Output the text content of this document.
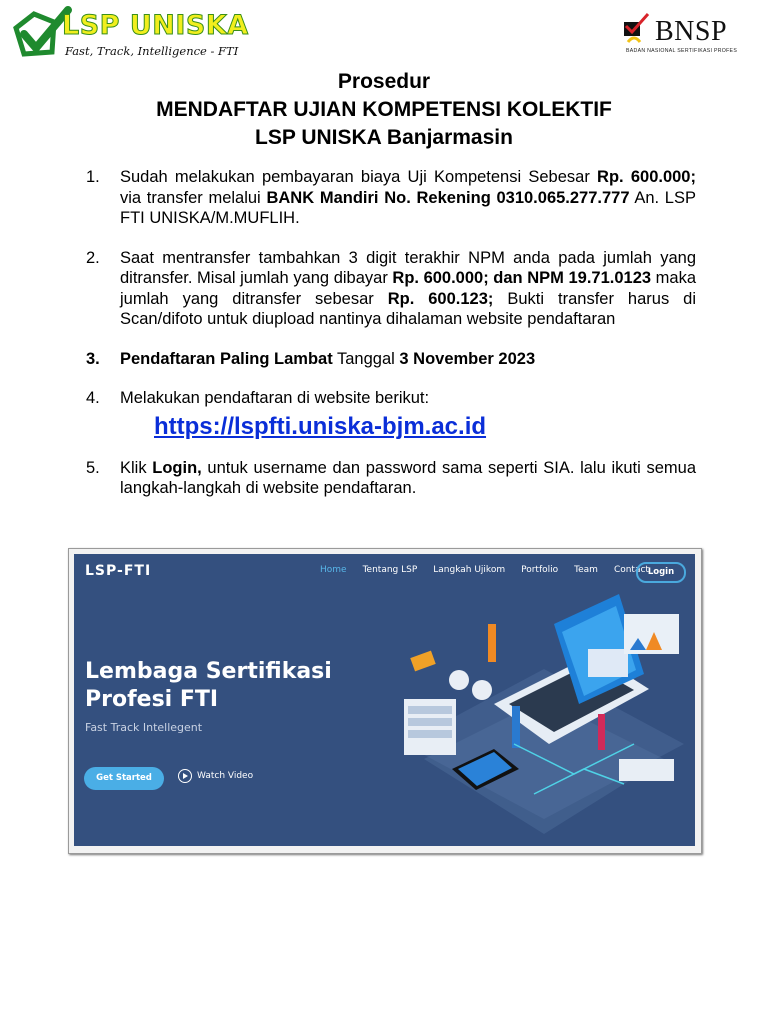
LSP UNISKA
Fast, Track, Intelligence - FTI
BNSP
BADAN NASIONAL SERTIFIKASI PROFES
Prosedur
MENDAFTAR UJIAN KOMPETENSI KOLEKTIF
LSP UNISKA Banjarmasin
1. Sudah melakukan pembayaran biaya Uji Kompetensi Sebesar Rp. 600.000; via transfer melalui BANK Mandiri No. Rekening 0310.065.277.777 An. LSP FTI UNISKA/M.MUFLIH.
2. Saat mentransfer tambahkan 3 digit terakhir NPM anda pada jumlah yang ditransfer. Misal jumlah yang dibayar Rp. 600.000; dan NPM 19.71.0123 maka jumlah yang ditransfer sebesar Rp. 600.123; Bukti transfer harus di Scan/difoto untuk diupload nantinya dihalaman website pendaftaran
3. Pendaftaran Paling Lambat Tanggal 3 November 2023
4. Melakukan pendaftaran di website berikut:
https://lspfti.uniska-bjm.ac.id
5. Klik Login, untuk username dan password sama seperti SIA. lalu ikuti semua langkah-langkah di website pendaftaran.
LSP-FTI	Home Tentang LSP Langkah Ujikom Portfolio Team Contact
Login
Lembaga Sertifikasi
Profesi FTI
Fast Track Intellegent
Get Started	Watch Video
